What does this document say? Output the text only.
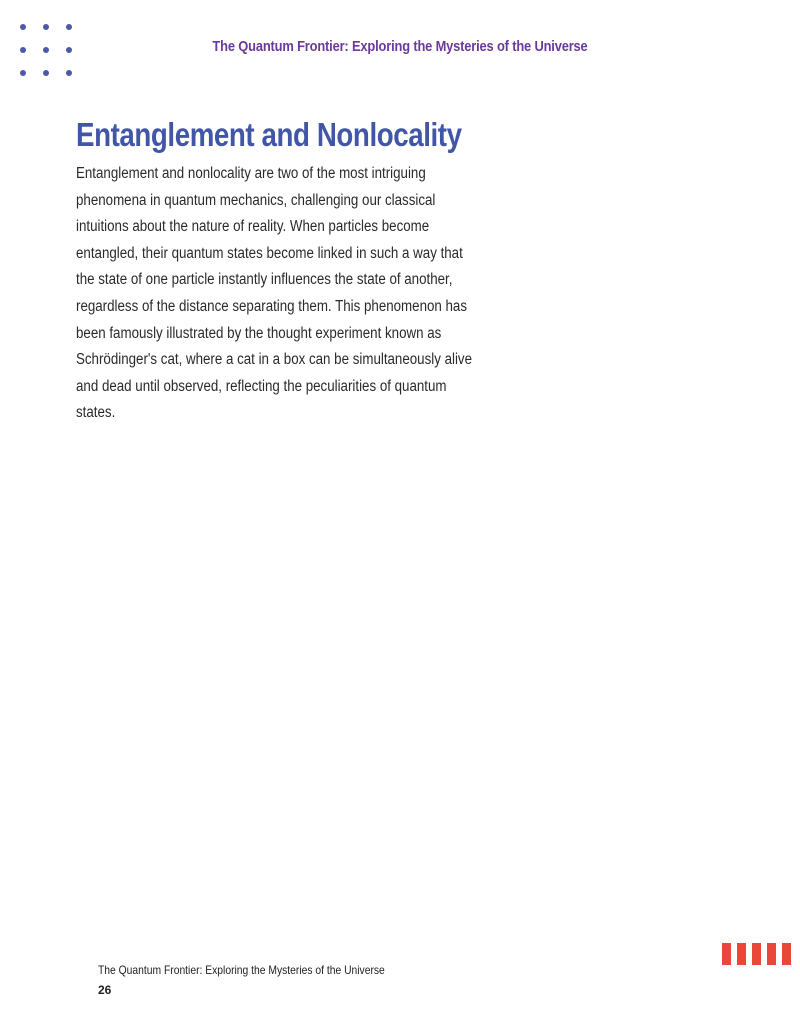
The Quantum Frontier: Exploring the Mysteries of the Universe
Entanglement and Nonlocality

Entanglement and nonlocality are two of the most intriguing phenomena in quantum mechanics, challenging our classical intuitions about the nature of reality. When particles become entangled, their quantum states become linked in such a way that the state of one particle instantly influences the state of another, regardless of the distance separating them. This phenomenon has been famously illustrated by the thought experiment known as Schrödinger's cat, where a cat in a box can be simultaneously alive and dead until observed, reflecting the peculiarities of quantum states.

The Quantum Frontier: Exploring the Mysteries of the Universe
26
